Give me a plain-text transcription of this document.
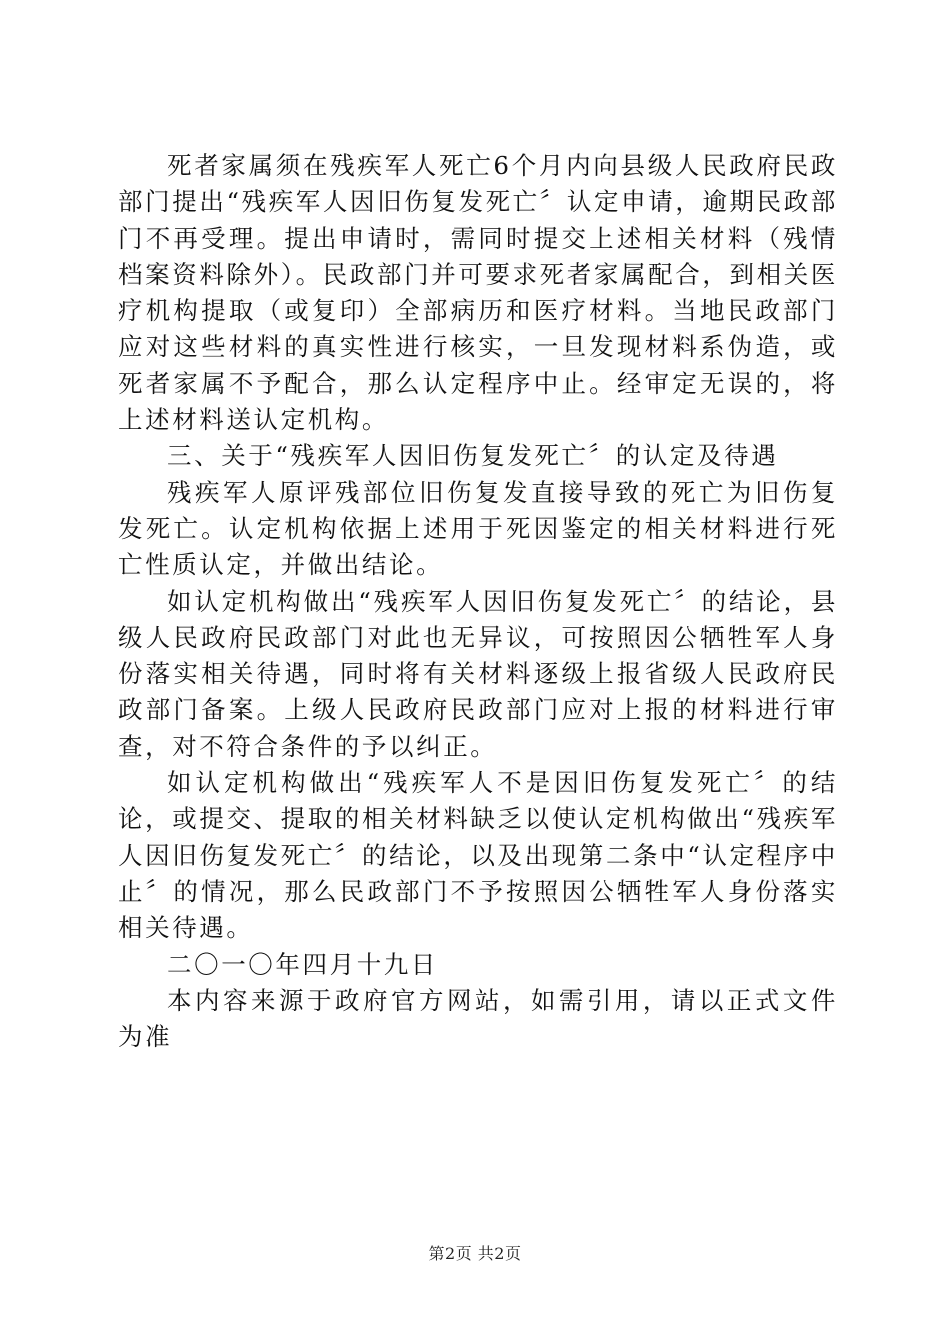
死者家属须在残疾军人死亡6个月内向县级人民政府民政部门提出“残疾军人因旧伤复发死亡〞认定申请，逾期民政部门不再受理。提出申请时，需同时提交上述相关材料（残情档案资料除外）。民政部门并可要求死者家属配合，到相关医疗机构提取（或复印）全部病历和医疗材料。当地民政部门应对这些材料的真实性进行核实，一旦发现材料系伪造，或死者家属不予配合，那么认定程序中止。经审定无误的，将上述材料送认定机构。

三、关于“残疾军人因旧伤复发死亡〞的认定及待遇

残疾军人原评残部位旧伤复发直接导致的死亡为旧伤复发死亡。认定机构依据上述用于死因鉴定的相关材料进行死亡性质认定，并做出结论。

如认定机构做出“残疾军人因旧伤复发死亡〞的结论，县级人民政府民政部门对此也无异议，可按照因公牺牲军人身份落实相关待遇，同时将有关材料逐级上报省级人民政府民政部门备案。上级人民政府民政部门应对上报的材料进行审查，对不符合条件的予以纠正。

如认定机构做出“残疾军人不是因旧伤复发死亡〞的结论，或提交、提取的相关材料缺乏以使认定机构做出“残疾军人因旧伤复发死亡〞的结论，以及出现第二条中“认定程序中止〞的情况，那么民政部门不予按照因公牺牲军人身份落实相关待遇。

二〇一〇年四月十九日

本内容来源于政府官方网站，如需引用，请以正式文件为准

第2页 共2页
